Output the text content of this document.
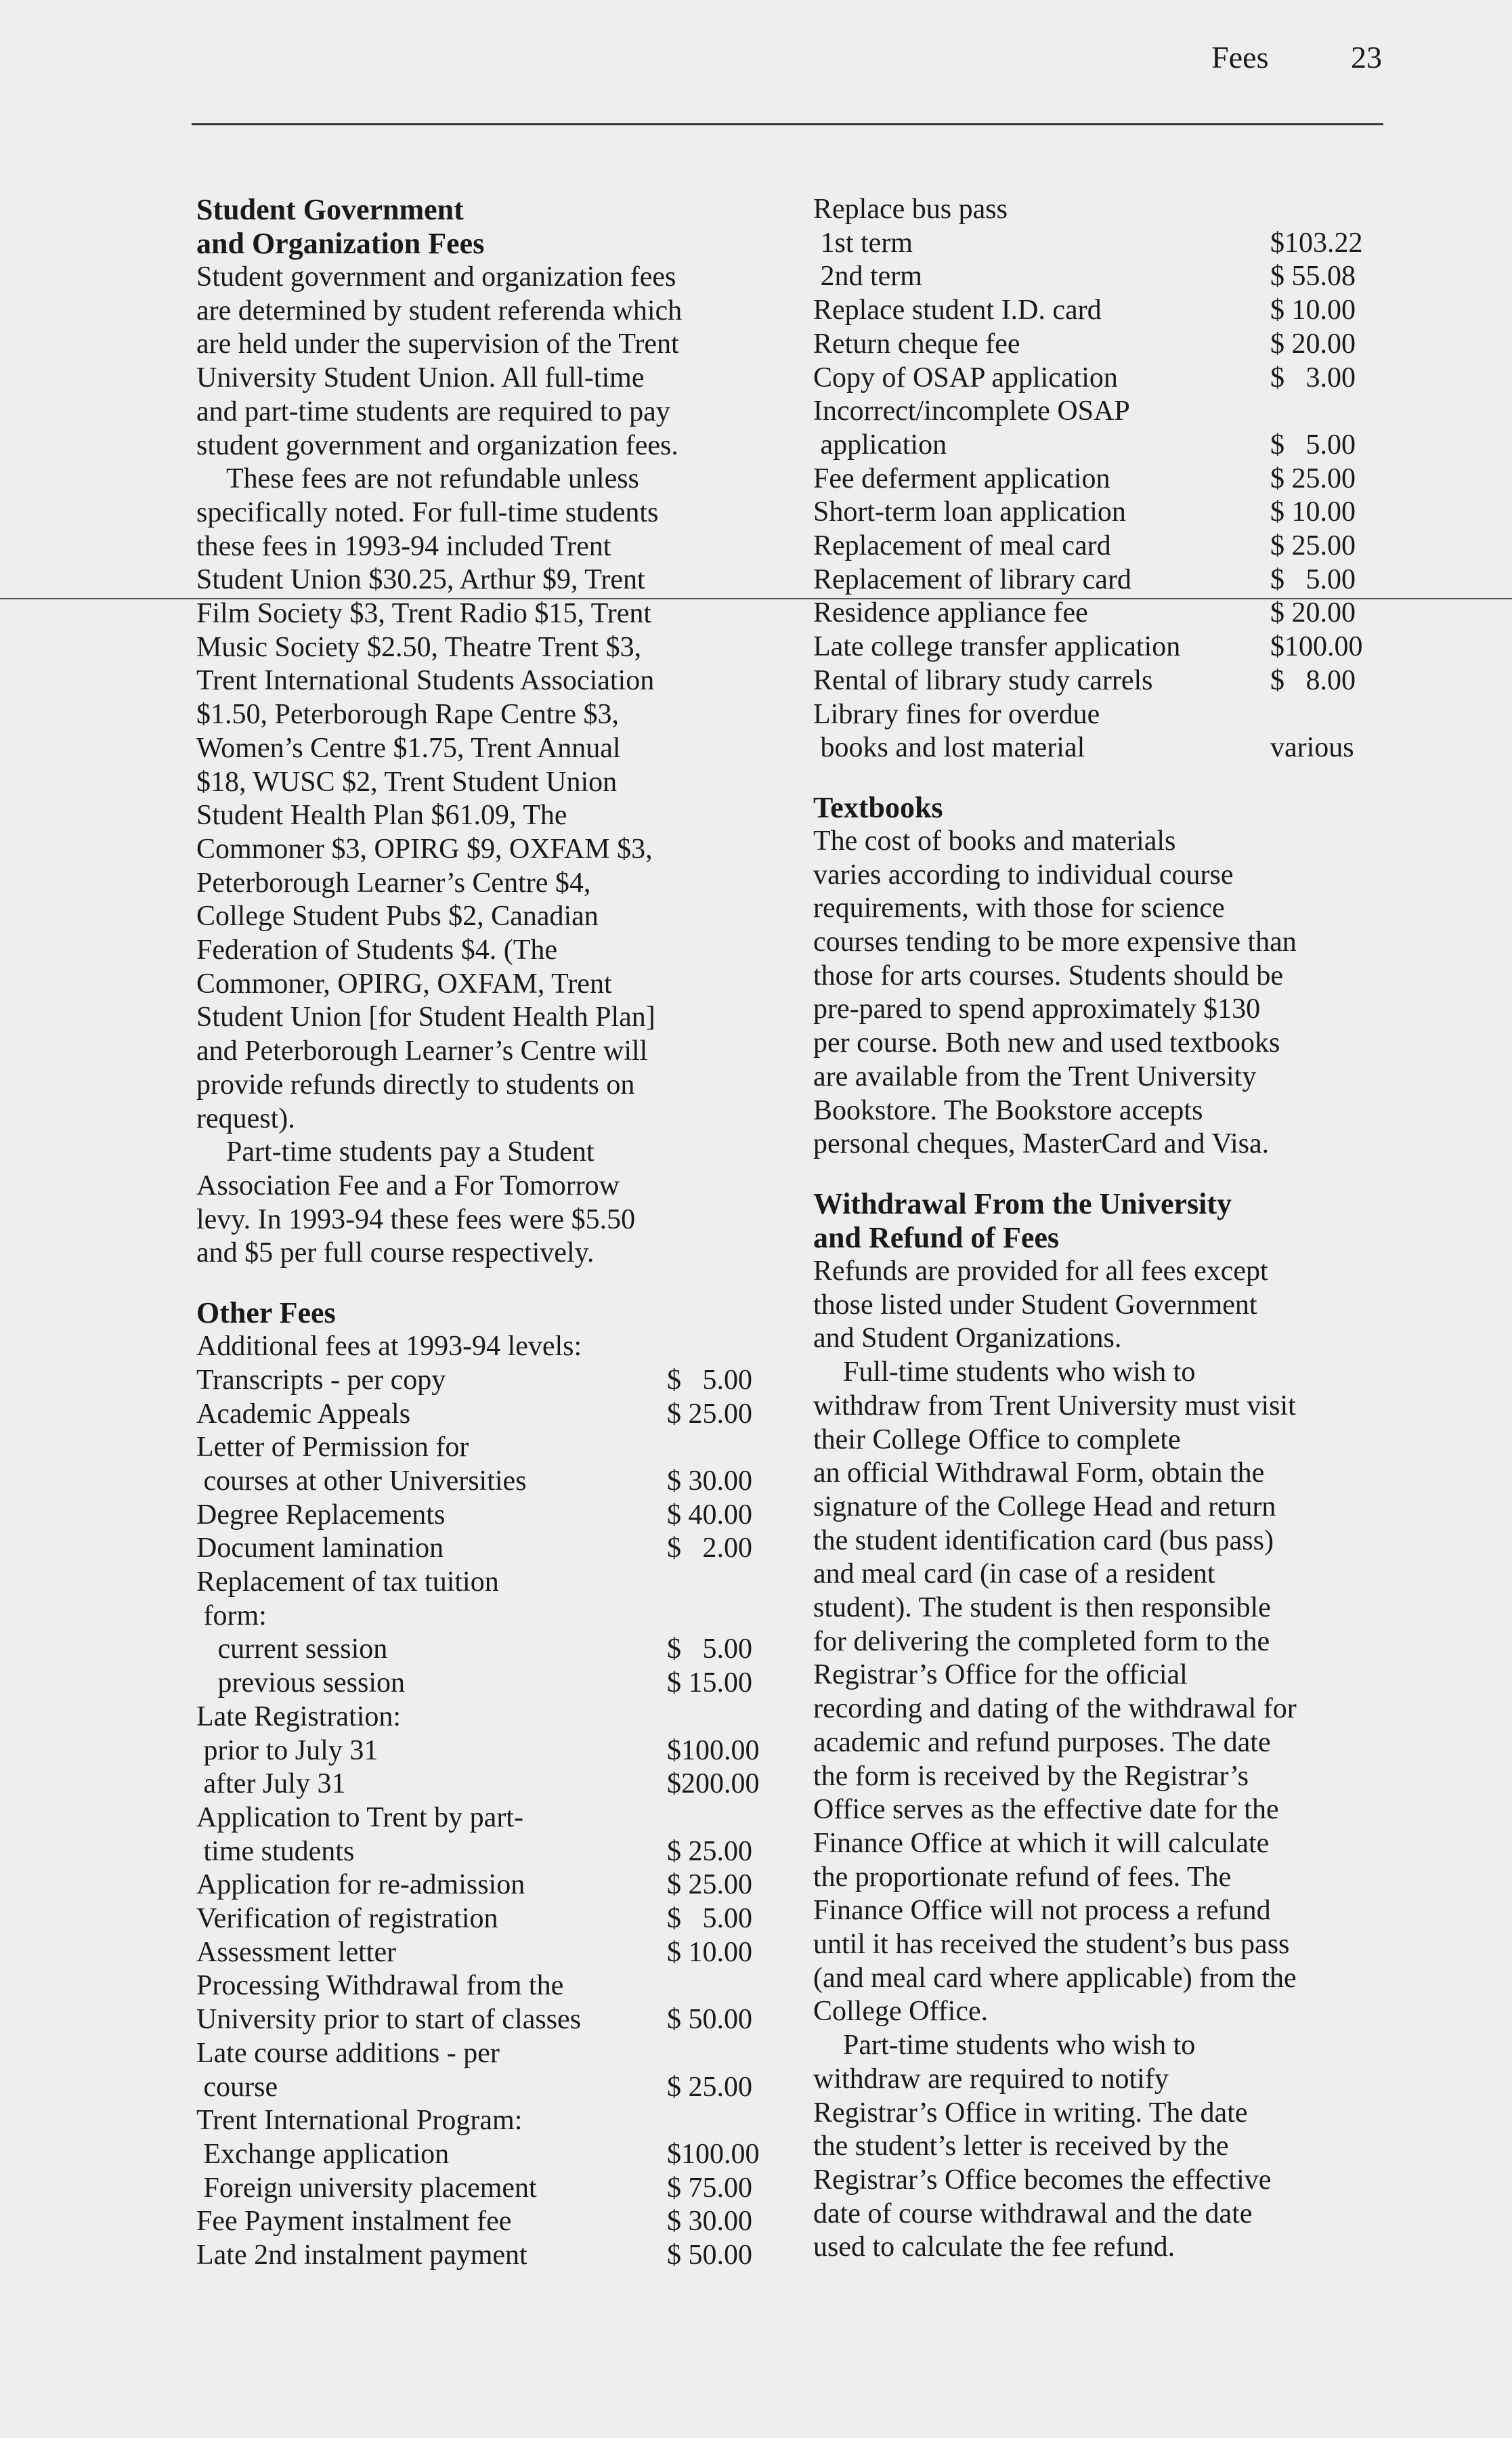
Fees	23
Student Government
and Organization Fees

Student government and organization fees
are determined by student referenda which
are held under the supervision of the Trent
University Student Union. All full-time
and part-time students are required to pay
student government and organization fees.

These fees are not refundable unless
specifically noted. For full-time students
these fees in 1993-94 included Trent
Student Union $30.25, Arthur $9, Trent
Film Society $3, Trent Radio $15, Trent
Music Society $2.50, Theatre Trent $3,
Trent International Students Association
$1.50, Peterborough Rape Centre $3,
Women’s Centre $1.75, Trent Annual
$18, WUSC $2, Trent Student Union
Student Health Plan $61.09, The
Commoner $3, OPIRG $9, OXFAM $3,
Peterborough Learner’s Centre $4,
College Student Pubs $2, Canadian
Federation of Students $4. (The
Commoner, OPIRG, OXFAM, Trent
Student Union [for Student Health Plan]
and Peterborough Learner’s Centre will
provide refunds directly to students on
request).

Part-time students pay a Student
Association Fee and a For Tomorrow
levy. In 1993-94 these fees were $5.50
and $5 per full course respectively.

Other Fees

Additional fees at 1993-94 levels:

Transcripts - per copy	$   5.00
Academic Appeals	$ 25.00
Letter of Permission for
courses at other Universities	$ 30.00
Degree Replacements	$ 40.00
Document lamination	$   2.00
Replacement of tax tuition
form:
current session	$   5.00
previous session	$ 15.00
Late Registration:
prior to July 31	$100.00
after July 31	$200.00
Application to Trent by part-
time students	$ 25.00
Application for re-admission	$ 25.00
Verification of registration	$   5.00
Assessment letter	$ 10.00
Processing Withdrawal from the
University prior to start of classes	$ 50.00
Late course additions - per
course	$ 25.00
Trent International Program:
Exchange application	$100.00
Foreign university placement	$ 75.00
Fee Payment instalment fee	$ 30.00
Late 2nd instalment payment	$ 50.00
Replace bus pass
1st term	$103.22
2nd term	$ 55.08
Replace student I.D. card	$ 10.00
Return cheque fee	$ 20.00
Copy of OSAP application	$   3.00
Incorrect/incomplete OSAP
application	$   5.00
Fee deferment application	$ 25.00
Short-term loan application	$ 10.00
Replacement of meal card	$ 25.00
Replacement of library card	$   5.00
Residence appliance fee	$ 20.00
Late college transfer application	$100.00
Rental of library study carrels	$   8.00
Library fines for overdue
books and lost material	various
Textbooks

The cost of books and materials
varies according to individual course
requirements, with those for science
courses tending to be more expensive than
those for arts courses. Students should be
pre-pared to spend approximately $130
per course. Both new and used textbooks
are available from the Trent University
Bookstore. The Bookstore accepts
personal cheques, MasterCard and Visa.

Withdrawal From the University
and Refund of Fees

Refunds are provided for all fees except
those listed under Student Government
and Student Organizations.

Full-time students who wish to
withdraw from Trent University must visit
their College Office to complete
an official Withdrawal Form, obtain the
signature of the College Head and return
the student identification card (bus pass)
and meal card (in case of a resident
student). The student is then responsible
for delivering the completed form to the
Registrar’s Office for the official
recording and dating of the withdrawal for
academic and refund purposes. The date
the form is received by the Registrar’s
Office serves as the effective date for the
Finance Office at which it will calculate
the proportionate refund of fees. The
Finance Office will not process a refund
until it has received the student’s bus pass
(and meal card where applicable) from the
College Office.

Part-time students who wish to
withdraw are required to notify
Registrar’s Office in writing. The date
the student’s letter is received by the
Registrar’s Office becomes the effective
date of course withdrawal and the date
used to calculate the fee refund.
